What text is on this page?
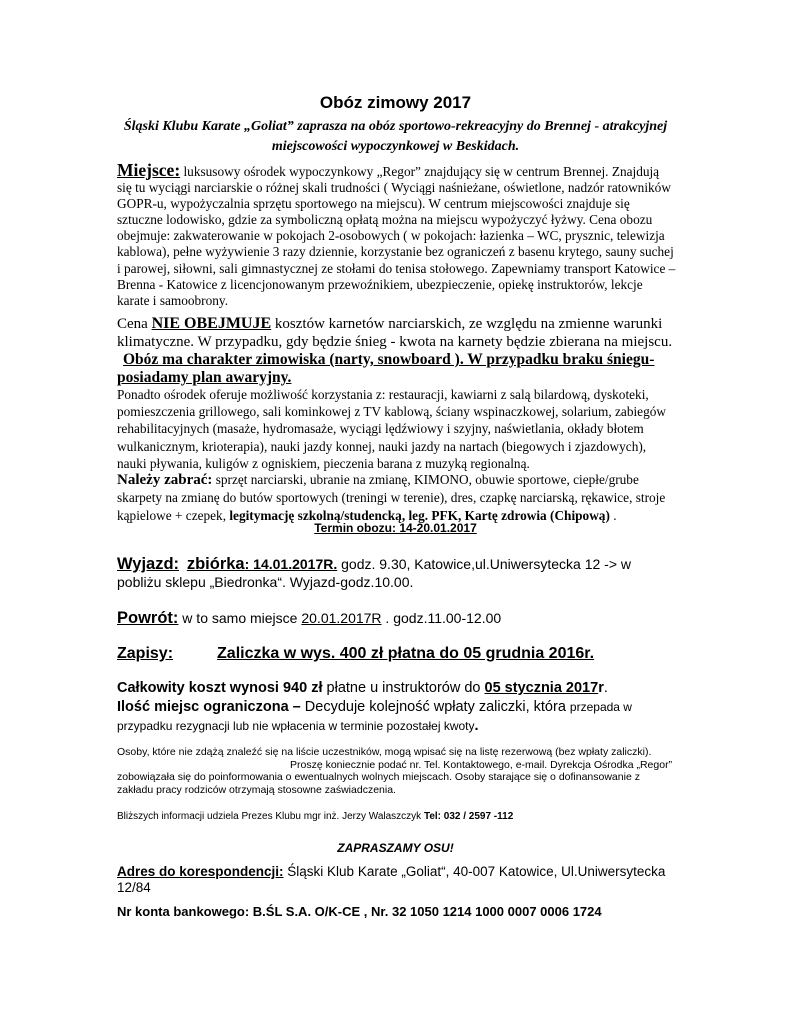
Obóz zimowy 2017
Śląski Klubu Karate „Goliat” zaprasza na obóz sportowo-rekreacyjny do Brennej - atrakcyjnej
miejscowości wypoczynkowej w Beskidach.
Miejsce: luksusowy ośrodek wypoczynkowy „Regor” znajdujący się w centrum Brennej. Znajdują się tu wyciągi narciarskie o różnej skali trudności ( Wyciągi naśnieżane, oświetlone, nadzór ratowników GOPR-u, wypożyczalnia sprzętu sportowego na miejscu). W centrum miejscowości znajduje się sztuczne lodowisko, gdzie za symboliczną opłatą można na miejscu wypożyczyć łyżwy. Cena obozu obejmuje: zakwaterowanie w pokojach 2-osobowych ( w pokojach: łazienka – WC, prysznic, telewizja kablowa), pełne wyżywienie 3 razy dziennie, korzystanie bez ograniczeń z basenu krytego, sauny suchej i parowej, siłowni, sali gimnastycznej ze stołami do tenisa stołowego. Zapewniamy transport Katowice – Brenna - Katowice z licencjonowanym przewoźnikiem, ubezpieczenie, opiekę instruktorów, lekcje karate i samoobrony.
Cena NIE OBEJMUJE kosztów karnetów narciarskich, ze względu na zmienne warunki klimatyczne. W przypadku, gdy będzie śnieg - kwota na karnety będzie zbierana na miejscu.
Obóz ma charakter zimowiska (narty, snowboard ). W przypadku braku śniegu-
posiadamy plan awaryjny.
Ponadto ośrodek oferuje możliwość korzystania z: restauracji, kawiarni z salą bilardową, dyskoteki, pomieszczenia grillowego, sali kominkowej z TV kablową, ściany wspinaczkowej, solarium, zabiegów rehabilitacyjnych (masaże, hydromasaże, wyciągi lędźwiowy i szyjny, naświetlania, okłady błotem wulkanicznym, krioterapia), nauki jazdy konnej, nauki jazdy na nartach (biegowych i zjazdowych), nauki pływania, kuligów z ogniskiem, pieczenia barana z muzyką regionalną.
Należy zabrać: sprzęt narciarski, ubranie na zmianę, KIMONO, obuwie sportowe, ciepłe/grube skarpety na zmianę do butów sportowych (treningi w terenie), dres, czapkę narciarską, rękawice, stroje kąpielowe + czepek, legitymację szkolną/studencką, leg. PFK, Kartę zdrowia (Chipową) .
Termin obozu: 14-20.01.2017
Wyjazd: zbiórka: 14.01.2017R. godz. 9.30, Katowice,ul.Uniwersytecka 12 -> w pobliżu sklepu „Biedronka“. Wyjazd-godz.10.00.
Powrót: w to samo miejsce 20.01.2017R . godz.11.00-12.00
Zapisy:	Zaliczka w wys. 400 zł płatna do 05 grudnia 2016r.
Całkowity koszt wynosi 940 zł płatne u instruktorów do 05 stycznia 2017r.
Ilość miejsc ograniczona – Decyduje kolejność wpłaty zaliczki, która przepada w przypadku rezygnacji lub nie wpłacenia w terminie pozostałej kwoty.
Osoby, które nie zdążą znaleźć się na liście uczestników, mogą wpisać się na listę rezerwową (bez wpłaty zaliczki).
Proszę koniecznie podać nr. Tel. Kontaktowego, e-mail. Dyrekcja Ośrodka „Regor”
zobowiązała się do poinformowania o ewentualnych wolnych miejscach. Osoby starające się o dofinansowanie z zakładu pracy rodziców otrzymają stosowne zaświadczenia.
Bliższych informacji udziela Prezes Klubu mgr inż. Jerzy Walaszczyk Tel: 032 / 2597 -112
ZAPRASZAMY OSU!
Adres do korespondencji: Śląski Klub Karate „Goliat“, 40-007 Katowice, Ul.Uniwersytecka 12/84
Nr konta bankowego: B.ŚL S.A. O/K-CE , Nr. 32 1050 1214 1000 0007 0006 1724
